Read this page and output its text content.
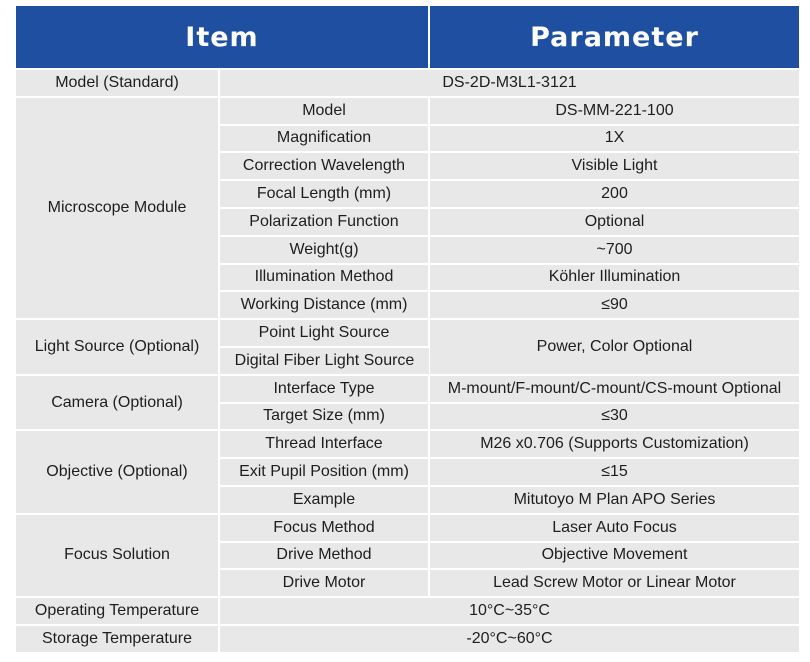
Item		Parameter
Model (Standard)	DS-2D-M3L1-3121	
Microscope Module	Model	DS-MM-221-100
	Magnification	1X
	Correction Wavelength	Visible Light
	Focal Length (mm)	200
	Polarization Function	Optional
	Weight(g)	~700
	Illumination Method	Köhler Illumination
	Working Distance (mm)	≤90
Light Source (Optional)	Point Light Source	Power, Color Optional
	Digital Fiber Light Source	
Camera (Optional)	Interface Type	M-mount/F-mount/C-mount/CS-mount Optional
	Target Size (mm)	≤30
Objective (Optional)	Thread Interface	M26 x0.706 (Supports Customization)
	Exit Pupil Position (mm)	≤15
	Example	Mitutoyo M Plan APO Series
Focus Solution	Focus Method	Laser Auto Focus
	Drive Method	Objective Movement
	Drive Motor	Lead Screw Motor or Linear Motor
Operating Temperature	10°C~35°C	
Storage Temperature	-20°C~60°C	
